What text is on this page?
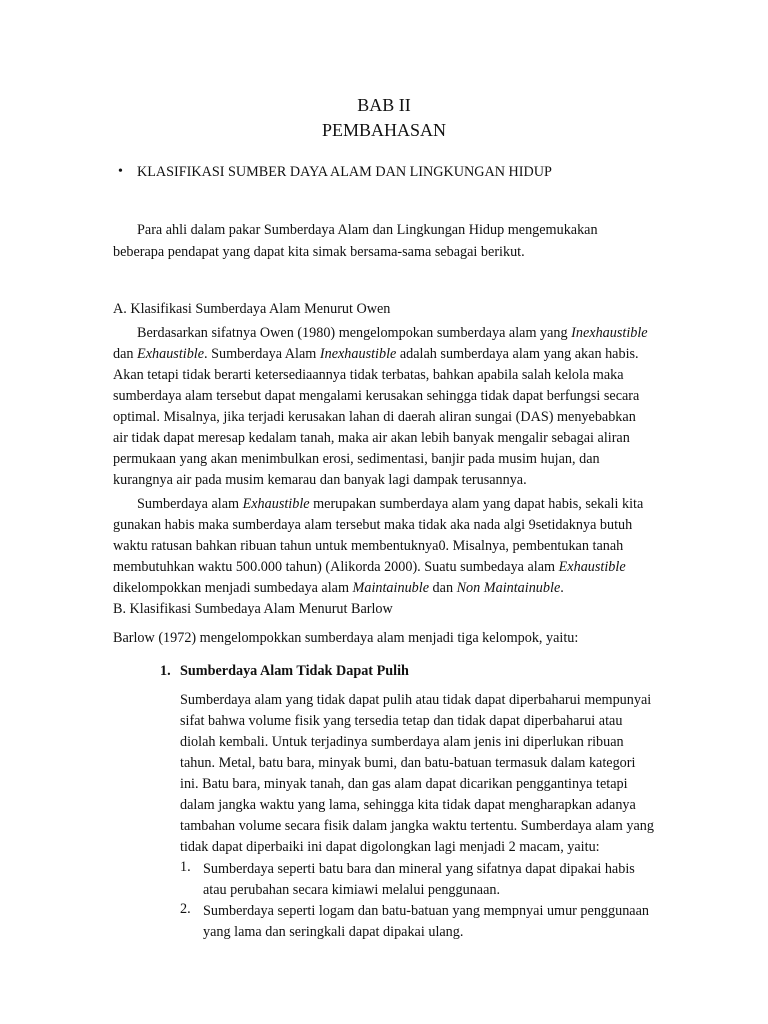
BAB II
PEMBAHASAN
• KLASIFIKASI SUMBER DAYA ALAM DAN LINGKUNGAN HIDUP
Para ahli dalam pakar Sumberdaya Alam dan Lingkungan Hidup mengemukakan
beberapa pendapat yang dapat kita simak bersama-sama sebagai berikut.
A. Klasifikasi Sumberdaya Alam Menurut Owen
Berdasarkan sifatnya Owen (1980) mengelompokan sumberdaya alam yang Inexhaustible
dan Exhaustible. Sumberdaya Alam Inexhaustible adalah sumberdaya alam yang akan habis.
Akan tetapi tidak berarti ketersediaannya tidak terbatas, bahkan apabila salah kelola maka
sumberdaya alam tersebut dapat mengalami kerusakan sehingga tidak dapat berfungsi secara
optimal. Misalnya, jika terjadi kerusakan lahan di daerah aliran sungai (DAS) menyebabkan
air tidak dapat meresap kedalam tanah, maka air akan lebih banyak mengalir sebagai aliran
permukaan yang akan menimbulkan erosi, sedimentasi, banjir pada musim hujan, dan
kurangnya air pada musim kemarau dan banyak lagi dampak terusannya.
Sumberdaya alam Exhaustible merupakan sumberdaya alam yang dapat habis, sekali kita
gunakan habis maka sumberdaya alam tersebut maka tidak aka nada algi 9setidaknya butuh
waktu ratusan bahkan ribuan tahun untuk membentuknya0. Misalnya, pembentukan tanah
membutuhkan waktu 500.000 tahun) (Alikorda 2000). Suatu sumbedaya alam Exhaustible
dikelompokkan menjadi sumbedaya alam Maintainuble dan Non Maintainuble.
B. Klasifikasi Sumbedaya Alam Menurut Barlow
Barlow (1972) mengelompokkan sumberdaya alam menjadi tiga kelompok, yaitu:
1. Sumberdaya Alam Tidak Dapat Pulih
Sumberdaya alam yang tidak dapat pulih atau tidak dapat diperbaharui mempunyai
sifat bahwa volume fisik yang tersedia tetap dan tidak dapat diperbaharui atau
diolah kembali. Untuk terjadinya sumberdaya alam jenis ini diperlukan ribuan
tahun. Metal, batu bara, minyak bumi, dan batu-batuan termasuk dalam kategori
ini. Batu bara, minyak tanah, dan gas alam dapat dicarikan penggantinya tetapi
dalam jangka waktu yang lama, sehingga kita tidak dapat mengharapkan adanya
tambahan volume secara fisik dalam jangka waktu tertentu. Sumberdaya alam yang
tidak dapat diperbaiki ini dapat digolongkan lagi menjadi 2 macam, yaitu:
1. Sumberdaya seperti batu bara dan mineral yang sifatnya dapat dipakai habis
atau perubahan secara kimiawi melalui penggunaan.
2. Sumberdaya seperti logam dan batu-batuan yang mempnyai umur penggunaan
yang lama dan seringkali dapat dipakai ulang.
